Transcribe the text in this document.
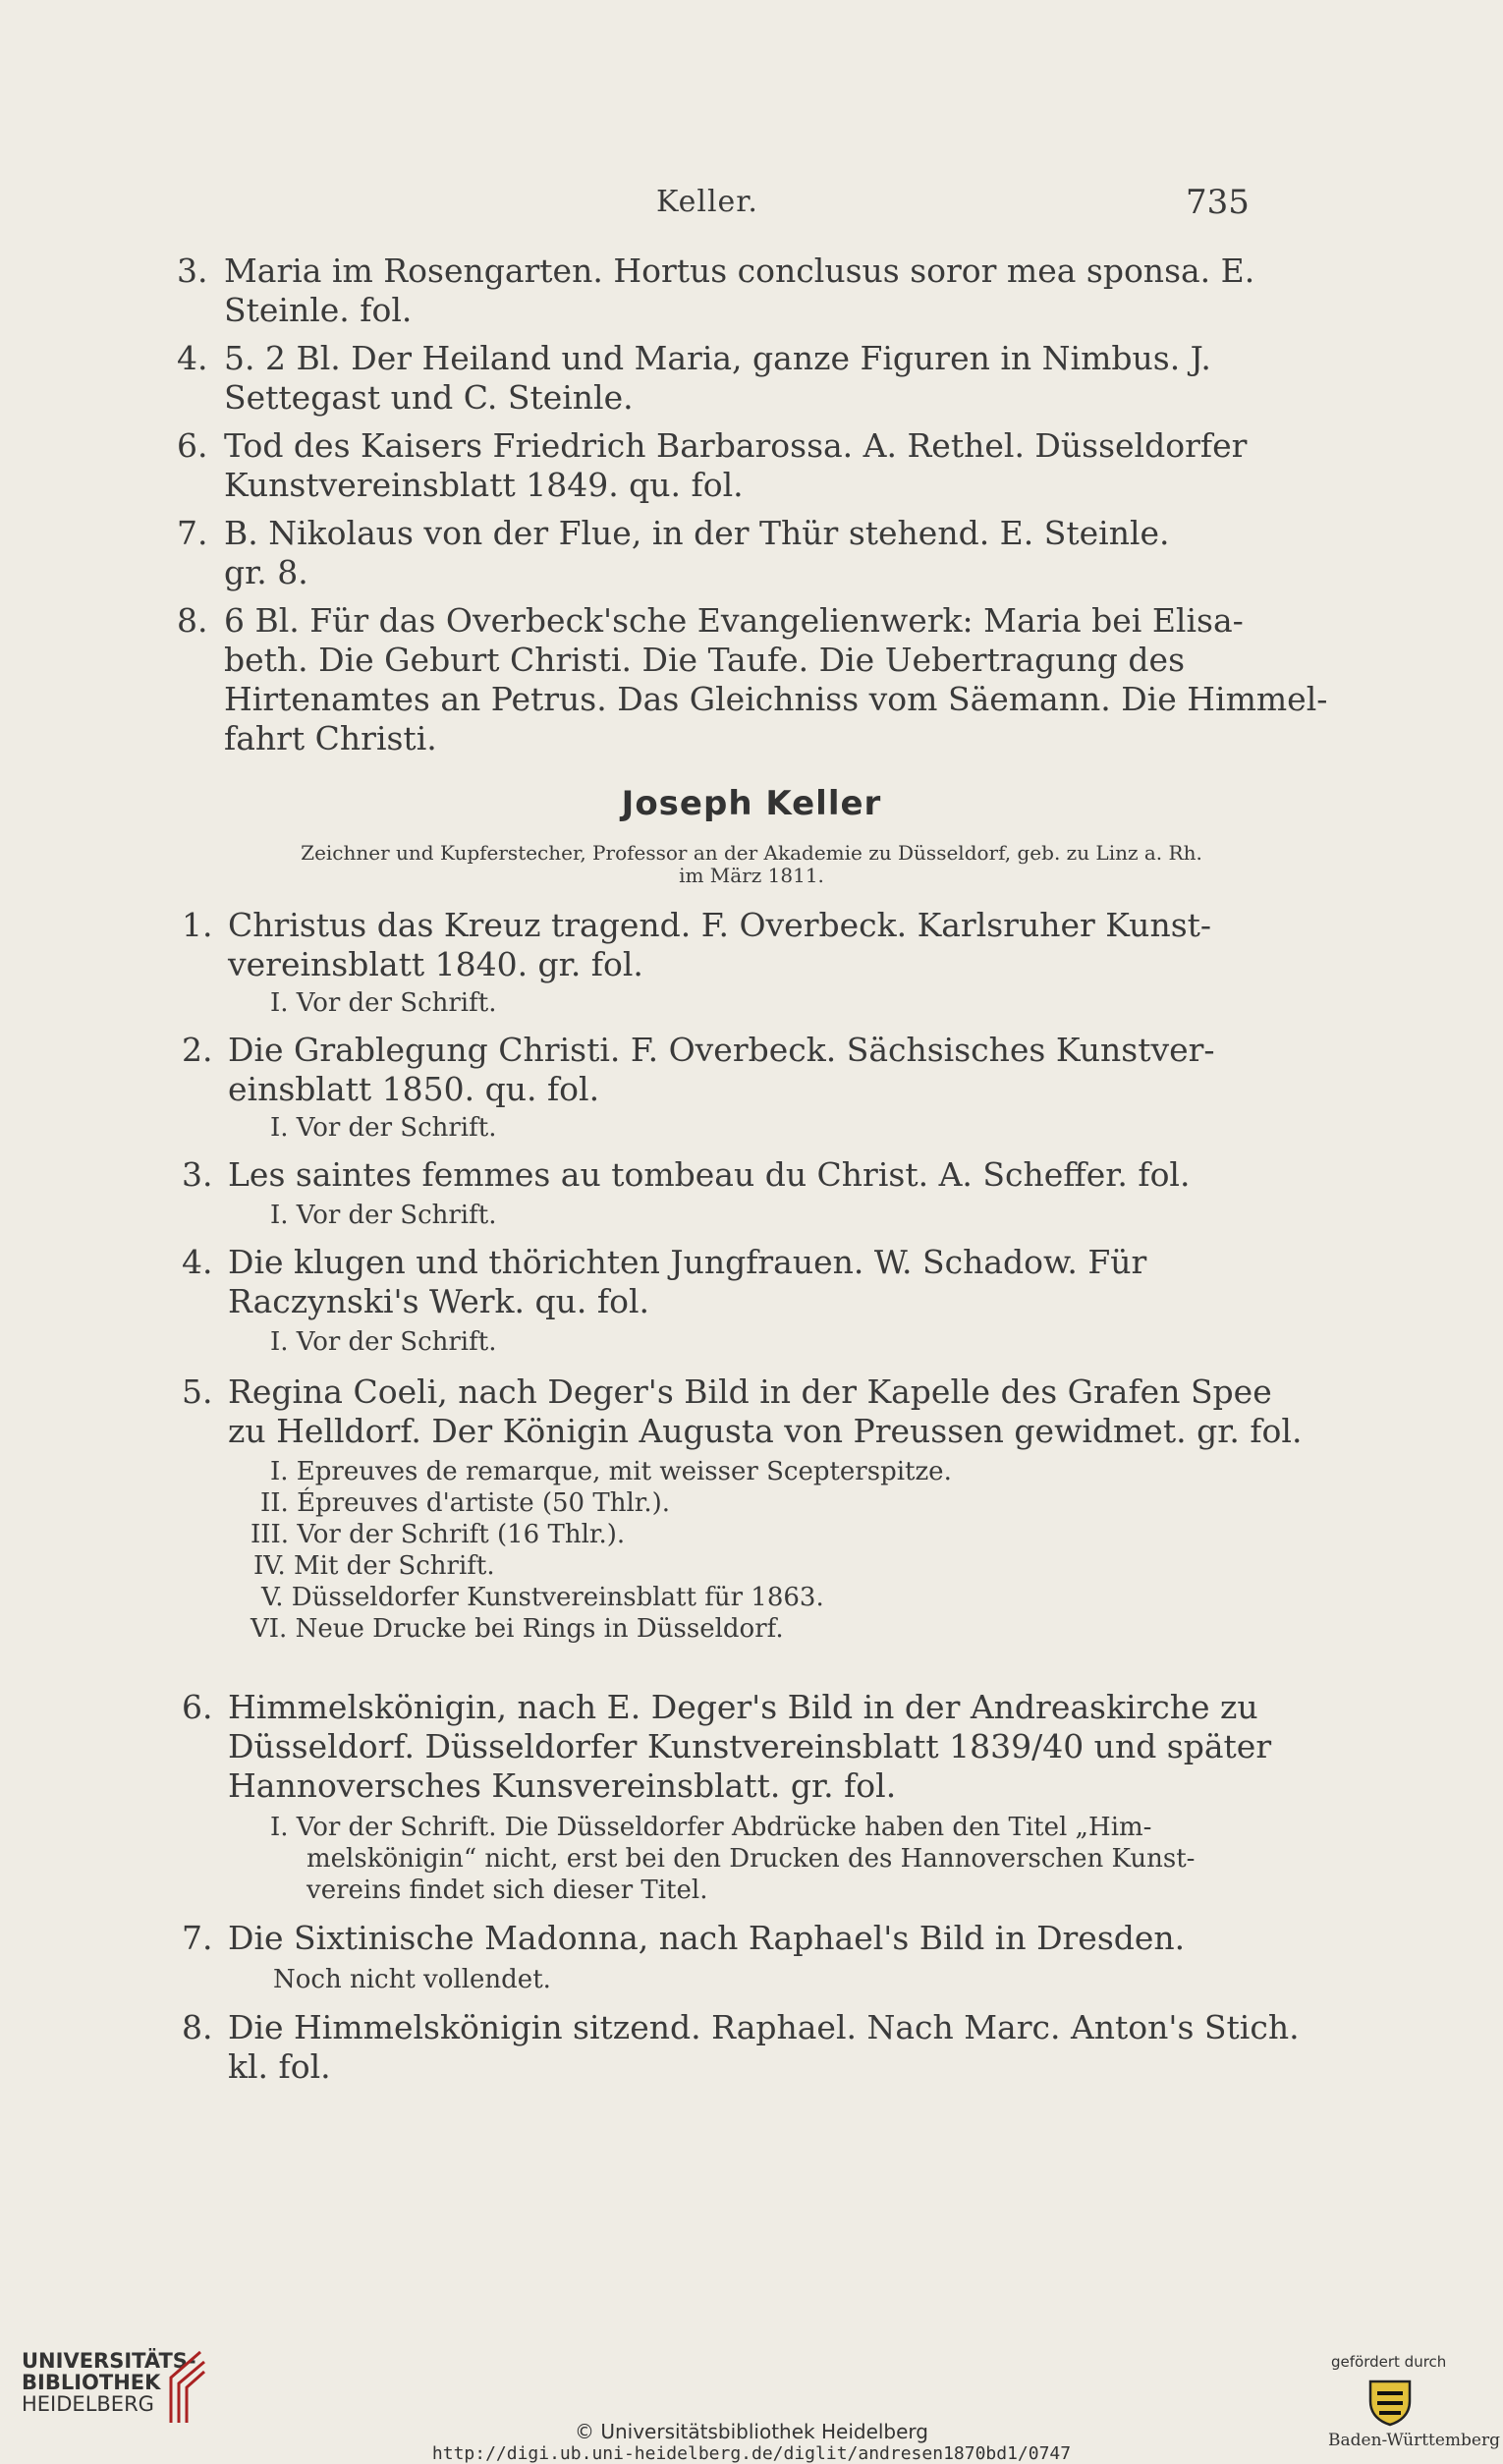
Keller.	735
3. Maria im Rosengarten. Hortus conclusus soror mea sponsa. E.
Steinle. fol.
4. 5. 2 Bl. Der Heiland und Maria, ganze Figuren in Nimbus. J.
Settegast und C. Steinle.
6. Tod des Kaisers Friedrich Barbarossa. A. Rethel. Düsseldorfer
Kunstvereinsblatt 1849. qu. fol.
7. B. Nikolaus von der Flue, in der Thür stehend. E. Steinle.
gr. 8.
8. 6 Bl. Für das Overbeck'sche Evangelienwerk: Maria bei Elisa-
beth. Die Geburt Christi. Die Taufe. Die Uebertragung des
Hirtenamtes an Petrus. Das Gleichniss vom Säemann. Die Himmel-
fahrt Christi.
Joseph Keller
Zeichner und Kupferstecher, Professor an der Akademie zu Düsseldorf, geb. zu Linz a. Rh.
im März 1811.
1. Christus das Kreuz tragend. F. Overbeck. Karlsruher Kunst-
vereinsblatt 1840. gr. fol.
I. Vor der Schrift.
2. Die Grablegung Christi. F. Overbeck. Sächsisches Kunstver-
einsblatt 1850. qu. fol.
I. Vor der Schrift.
3. Les saintes femmes au tombeau du Christ. A. Scheffer. fol.
I. Vor der Schrift.
4. Die klugen und thörichten Jungfrauen. W. Schadow. Für
Raczynski's Werk. qu. fol.
I. Vor der Schrift.
5. Regina Coeli, nach Deger's Bild in der Kapelle des Grafen Spee
zu Helldorf. Der Königin Augusta von Preussen gewidmet. gr. fol.
I. Epreuves de remarque, mit weisser Scepterspitze.
II. Épreuves d'artiste (50 Thlr.).
III. Vor der Schrift (16 Thlr.).
IV. Mit der Schrift.
V. Düsseldorfer Kunstvereinsblatt für 1863.
VI. Neue Drucke bei Rings in Düsseldorf.
6. Himmelskönigin, nach E. Deger's Bild in der Andreaskirche zu
Düsseldorf. Düsseldorfer Kunstvereinsblatt 1839/40 und später
Hannoversches Kunsvereinsblatt. gr. fol.
I. Vor der Schrift. Die Düsseldorfer Abdrücke haben den Titel „Him-
melskönigin“ nicht, erst bei den Drucken des Hannoverschen Kunst-
vereins findet sich dieser Titel.
7. Die Sixtinische Madonna, nach Raphael's Bild in Dresden.
Noch nicht vollendet.
8. Die Himmelskönigin sitzend. Raphael. Nach Marc. Anton's Stich.
kl. fol.
UNIVERSITÄTS-
BIBLIOTHEK
HEIDELBERG
© Universitätsbibliothek Heidelberg
http://digi.ub.uni-heidelberg.de/diglit/andresen1870bd1/0747
gefördert durch
Baden-Württemberg
